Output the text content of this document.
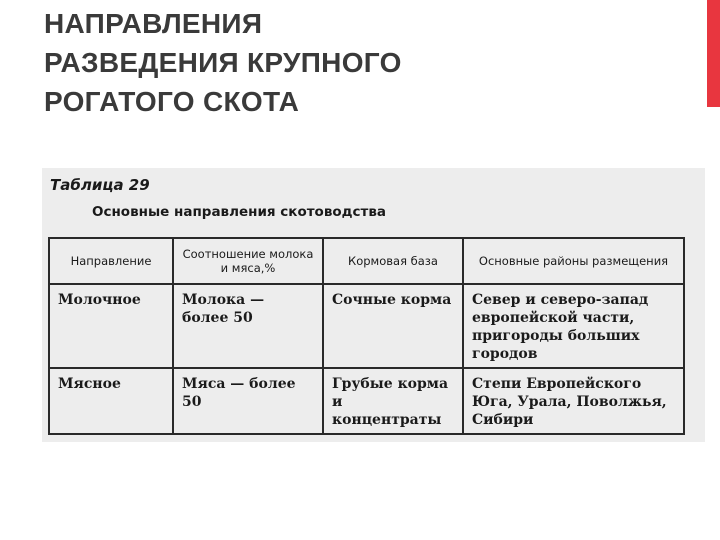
НАПРАВЛЕНИЯ
РАЗВЕДЕНИЯ КРУПНОГО
РОГАТОГО СКОТА
Таблица 29
Основные направления скотоводства
Направление	Соотношение молока и мяса,%	Кормовая база	Основные районы размещения
Молочное	Молока — более 50	Сочные корма	Север и северо-запад европейской части, пригороды больших городов
Мясное	Мяса — более 50	Грубые корма и концентраты	Степи Европейского Юга, Урала, Поволжья, Сибири
